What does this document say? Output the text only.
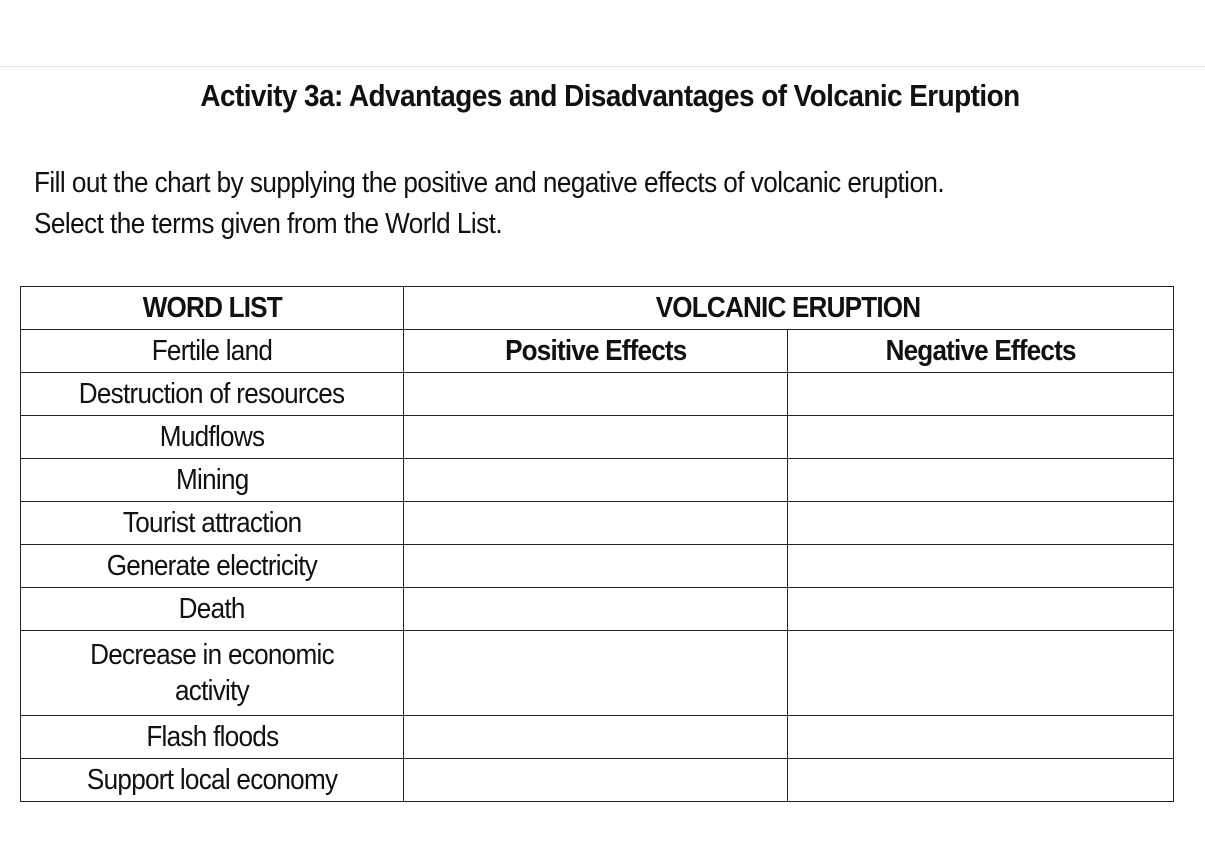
Activity 3a: Advantages and Disadvantages of Volcanic Eruption
Fill out the chart by supplying the positive and negative effects of volcanic eruption.
Select the terms given from the World List.
WORD LIST	VOLCANIC ERUPTION	
Fertile land	Positive Effects	Negative Effects
Destruction of resources		
Mudflows		
Mining		
Tourist attraction		
Generate electricity		
Death		
Decrease in economic activity		
Flash floods		
Support local economy		
